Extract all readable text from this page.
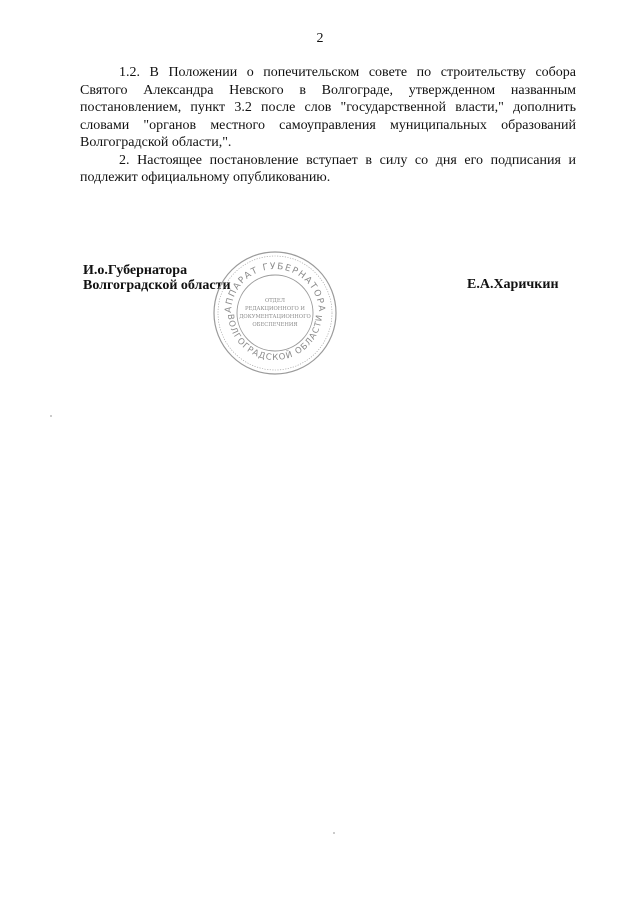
2

1.2. В Положении о попечительском совете по строительству собора Святого Александра Невского в Волгограде, утвержденном названным постановлением, пункт 3.2 после слов "государственной власти," дополнить словами "органов местного самоуправления муниципальных образований Волгоградской области,".

2. Настоящее постановление вступает в силу со дня его подписания и подлежит официальному опубликованию.

И.о.Губернатора
Волгоградской области	Е.А.Харичкин
АППАРАТ ГУБЕРНАТОРА
ВОЛГОГРАДСКОЙ ОБЛАСТИ
ОТДЕЛ
РЕДАКЦИОННОГО И
ДОКУМЕНТАЦИОННОГО
ОБЕСПЕЧЕНИЯ
